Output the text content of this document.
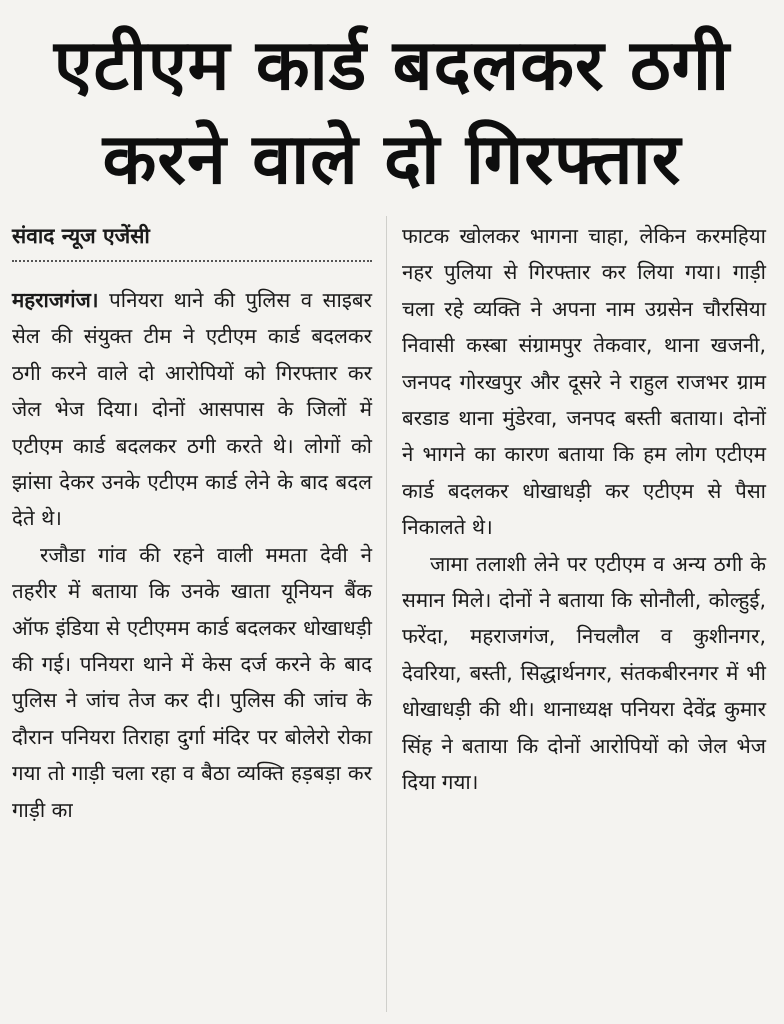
एटीएम कार्ड बदलकर ठगी
करने वाले दो गिरफ्तार
संवाद न्यूज एजेंसी

महराजगंज। पनियरा थाने की पुलिस व साइबर सेल की संयुक्त टीम ने एटीएम कार्ड बदलकर ठगी करने वाले दो आरोपियों को गिरफ्तार कर जेल भेज दिया। दोनों आसपास के जिलों में एटीएम कार्ड बदलकर ठगी करते थे। लोगों को झांसा देकर उनके एटीएम कार्ड लेने के बाद बदल देते थे।

रजौडा गांव की रहने वाली ममता देवी ने तहरीर में बताया कि उनके खाता यूनियन बैंक ऑफ इंडिया से एटीएमम कार्ड बदलकर धोखाधड़ी की गई। पनियरा थाने में केस दर्ज करने के बाद पुलिस ने जांच तेज कर दी। पुलिस की जांच के दौरान पनियरा तिराहा दुर्गा मंदिर पर बोलेरो रोका गया तो गाड़ी चला रहा व बैठा व्यक्ति हड़बड़ा कर गाड़ी का

फाटक खोलकर भागना चाहा, लेकिन करमहिया नहर पुलिया से गिरफ्तार कर लिया गया। गाड़ी चला रहे व्यक्ति ने अपना नाम उग्रसेन चौरसिया निवासी कस्बा संग्रामपुर तेकवार, थाना खजनी, जनपद गोरखपुर और दूसरे ने राहुल राजभर ग्राम बरडाड थाना मुंडेरवा, जनपद बस्ती बताया। दोनों ने भागने का कारण बताया कि हम लोग एटीएम कार्ड बदलकर धोखाधड़ी कर एटीएम से पैसा निकालते थे।

जामा तलाशी लेने पर एटीएम व अन्य ठगी के समान मिले। दोनों ने बताया कि सोनौली, कोल्हुई, फरेंदा, महराजगंज, निचलौल व कुशीनगर, देवरिया, बस्ती, सिद्धार्थनगर, संतकबीरनगर में भी धोखाधड़ी की थी। थानाध्यक्ष पनियरा देवेंद्र कुमार सिंह ने बताया कि दोनों आरोपियों को जेल भेज दिया गया।
